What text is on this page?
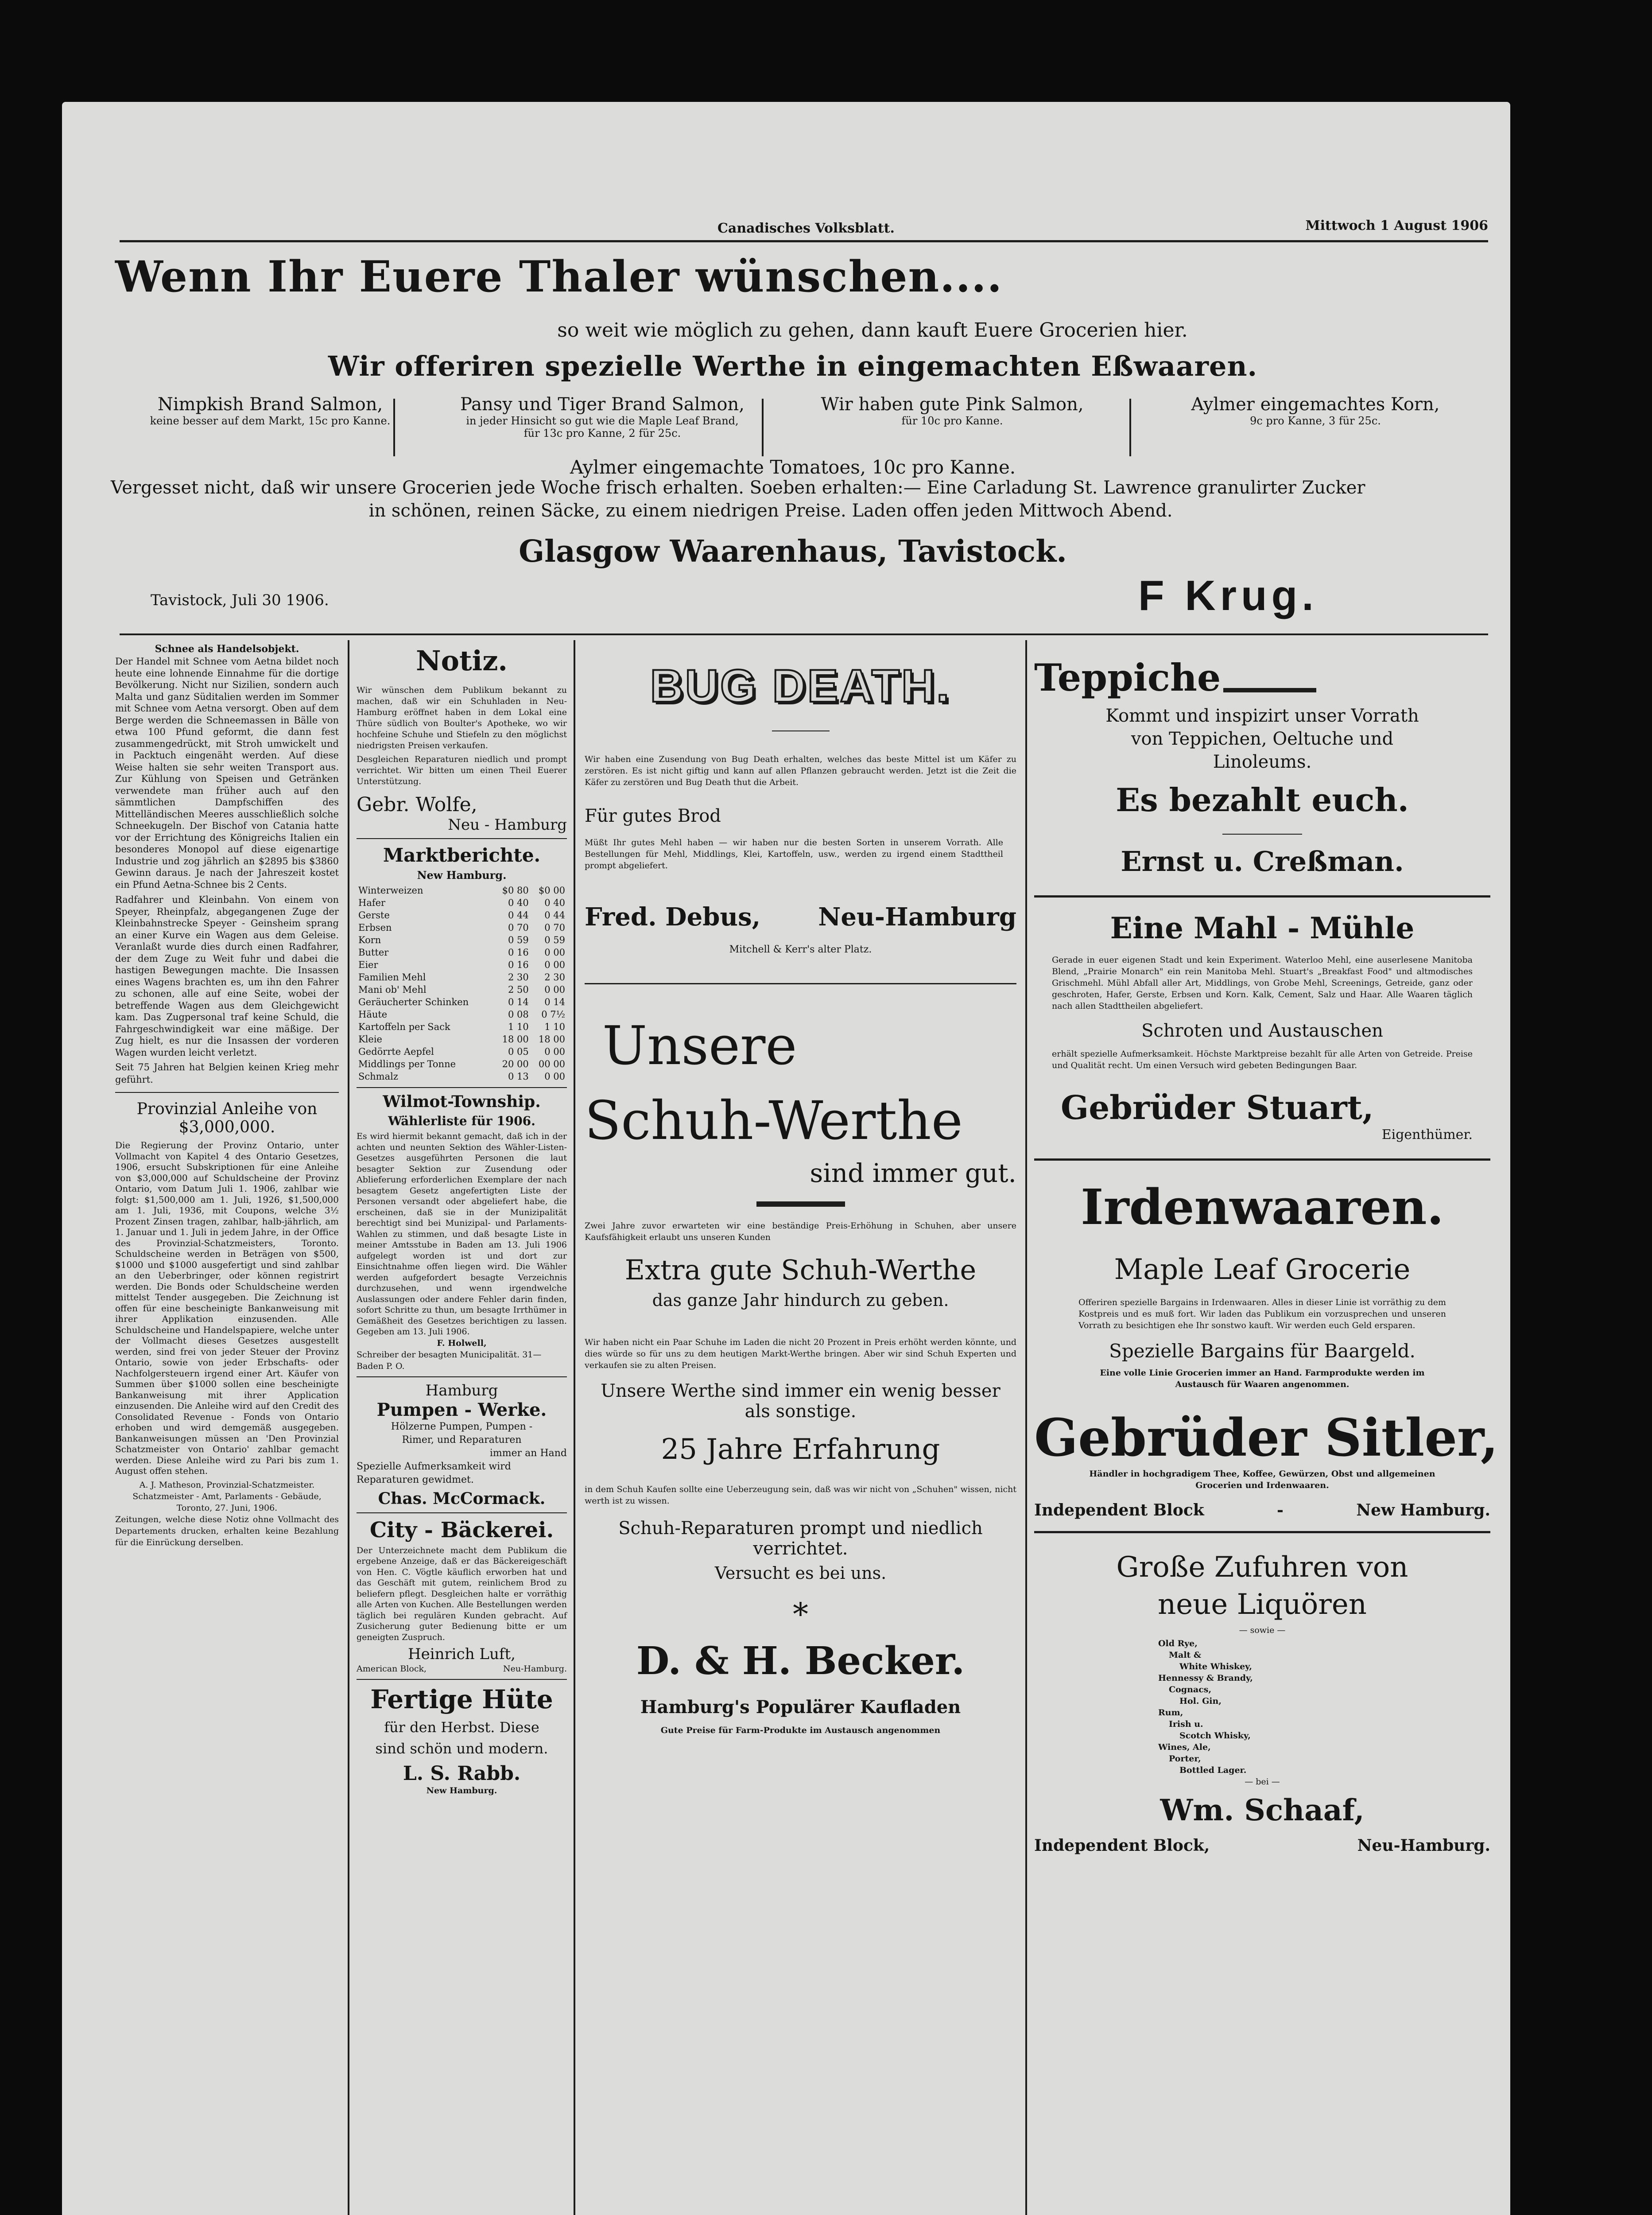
Canadisches Volksblatt.	Mittwoch 1 August 1906
Wenn Ihr Euere Thaler wünschen....
so weit wie möglich zu gehen, dann kauft Euere Grocerien hier.
Wir offeriren spezielle Werthe in eingemachten Eßwaaren.
Nimpkish Brand Salmon,
keine besser auf dem Markt, 15c pro Kanne.
Pansy und Tiger Brand Salmon,
in jeder Hinsicht so gut wie die Maple Leaf Brand, für 13c pro Kanne, 2 für 25c.
Wir haben gute Pink Salmon,
für 10c pro Kanne.
Aylmer eingemachtes Korn,
9c pro Kanne, 3 für 25c.
Aylmer eingemachte Tomatoes, 10c pro Kanne.
Vergesset nicht, daß wir unsere Grocerien jede Woche frisch erhalten. Soeben erhalten:— Eine Carladung St. Lawrence granulirter Zucker
in schönen, reinen Säcke, zu einem niedrigen Preise. Laden offen jeden Mittwoch Abend.
Glasgow Waarenhaus, Tavistock.
Tavistock, Juli 30 1906.	F Krug.
Schnee als Handelsobjekt.
Der Handel mit Schnee vom Aetna bildet noch heute eine lohnende Einnahme für die dortige Bevölkerung. Nicht nur Sizilien, sondern auch Malta und ganz Süditalien werden im Sommer mit Schnee vom Aetna versorgt. Oben auf dem Berge werden die Schneemassen in Bälle von etwa 100 Pfund geformt, die dann fest zusammengedrückt, mit Stroh umwickelt und in Packtuch eingenäht werden. Auf diese Weise halten sie sehr weiten Transport aus. Zur Kühlung von Speisen und Getränken verwendete man früher auch auf den sämmtlichen Dampfschiffen des Mittelländischen Meeres ausschließlich solche Schneekugeln. Der Bischof von Catania hatte vor der Errichtung des Königreichs Italien ein besonderes Monopol auf diese eigenartige Industrie und zog jährlich an $2895 bis $3860 Gewinn daraus. Je nach der Jahreszeit kostet ein Pfund Aetna-Schnee bis 2 Cents.
Radfahrer und Kleinbahn. Von einem von Speyer, Rheinpfalz, abgegangenen Zuge der Kleinbahnstrecke Speyer - Geinsheim sprang an einer Kurve ein Wagen aus dem Geleise. Veranlaßt wurde dies durch einen Radfahrer, der dem Zuge zu Weit fuhr und dabei die hastigen Bewegungen machte. Die Insassen eines Wagens brachten es, um ihn den Fahrer zu schonen, alle auf eine Seite, wobei der betreffende Wagen aus dem Gleichgewicht kam. Das Zugpersonal traf keine Schuld, die Fahrgeschwindigkeit war eine mäßige. Der Zug hielt, es nur die Insassen der vorderen Wagen wurden leicht verletzt.
Seit 75 Jahren hat Belgien keinen Krieg mehr geführt.
Provinzial Anleihe von
$3,000,000.
Die Regierung der Provinz Ontario, unter Vollmacht von Kapitel 4 des Ontario Gesetzes, 1906, ersucht Subskriptionen für eine Anleihe von $3,000,000 auf Schuldscheine der Provinz Ontario, vom Datum Juli 1. 1906, zahlbar wie folgt: $1,500,000 am 1. Juli, 1926, $1,500,000 am 1. Juli, 1936, mit Coupons, welche 3½ Prozent Zinsen tragen, zahlbar, halb-jährlich, am 1. Januar und 1. Juli in jedem Jahre, in der Office des Provinzial-Schatzmeisters, Toronto. Schuldscheine werden in Beträgen von $500, $1000 und $1000 ausgefertigt und sind zahlbar an den Ueberbringer, oder können registrirt werden. Die Bonds oder Schuldscheine werden mittelst Tender ausgegeben. Die Zeichnung ist offen für eine bescheinigte Bankanweisung mit ihrer Applikation einzusenden. Alle Schuldscheine und Handelspapiere, welche unter der Vollmacht dieses Gesetzes ausgestellt werden, sind frei von jeder Steuer der Provinz Ontario, sowie von jeder Erbschafts- oder Nachfolgersteuern irgend einer Art. Käufer von Summen über $1000 sollen eine bescheinigte Bankanweisung mit ihrer Application einzusenden. Die Anleihe wird auf den Credit des Consolidated Revenue - Fonds von Ontario erhoben und wird demgemäß ausgegeben. Bankanweisungen müssen an 'Den Provinzial Schatzmeister von Ontario' zahlbar gemacht werden. Diese Anleihe wird zu Pari bis zum 1. August offen stehen.
A. J. Matheson, Provinzial-Schatzmeister.
Schatzmeister - Amt, Parlaments - Gebäude, Toronto, 27. Juni, 1906.
Zeitungen, welche diese Notiz ohne Vollmacht des Departements drucken, erhalten keine Bezahlung für die Einrückung derselben.
Notiz.
Wir wünschen dem Publikum bekannt zu machen, daß wir ein Schuhladen in Neu-Hamburg eröffnet haben in dem Lokal eine Thüre südlich von Boulter's Apotheke, wo wir hochfeine Schuhe und Stiefeln zu den möglichst niedrigsten Preisen verkaufen.
Desgleichen Reparaturen niedlich und prompt verrichtet. Wir bitten um einen Theil Euerer Unterstützung.
Gebr. Wolfe,
Neu - Hamburg
Marktberichte.
New Hamburg.
Winterweizen	$0 80	$0 00
Hafer	0 40	0 40
Gerste	0 44	0 44
Erbsen	0 70	0 70
Korn	0 59	0 59
Butter	0 16	0 00
Eier	0 16	0 00
Familien Mehl	2 30	2 30
Mani ob' Mehl	2 50	0 00
Geräucherter Schinken	0 14	0 14
Häute	0 08	0 7½
Kartoffeln per Sack	1 10	1 10
Kleie	18 00	18 00
Gedörrte Aepfel	0 05	0 00
Middlings per Tonne	20 00	00 00
Schmalz	0 13	0 00
Wilmot-Township.
Wählerliste für 1906.
Es wird hiermit bekannt gemacht, daß ich in der achten und neunten Sektion des Wähler-Listen-Gesetzes ausgeführten Personen die laut besagter Sektion zur Zusendung oder Ablieferung erforderlichen Exemplare der nach besagtem Gesetz angefertigten Liste der Personen versandt oder abgeliefert habe, die erscheinen, daß sie in der Munizipalität berechtigt sind bei Munizipal- und Parlaments-Wahlen zu stimmen, und daß besagte Liste in meiner Amtsstube in Baden am 13. Juli 1906 aufgelegt worden ist und dort zur Einsichtnahme offen liegen wird. Die Wähler werden aufgefordert besagte Verzeichnis durchzusehen, und wenn irgendwelche Auslassungen oder andere Fehler darin finden, sofort Schritte zu thun, um besagte Irrthümer in Gemäßheit des Gesetzes berichtigen zu lassen. Gegeben am 13. Juli 1906.
F. Holwell,
Schreiber der besagten Municipalität. 31— Baden P. O.
Hamburg
Pumpen - Werke.
Hölzerne Pumpen, Pumpen - Rimer, und Reparaturen
immer an Hand
Spezielle Aufmerksamkeit wird Reparaturen gewidmet.
Chas. McCormack.
City - Bäckerei.
Der Unterzeichnete macht dem Publikum die ergebene Anzeige, daß er das Bäckereigeschäft von Hen. C. Vögtle käuflich erworben hat und das Geschäft mit gutem, reinlichem Brod zu beliefern pflegt. Desgleichen halte er vorräthig alle Arten von Kuchen. Alle Bestellungen werden täglich bei regulären Kunden gebracht. Auf Zusicherung guter Bedienung bitte er um geneigten Zuspruch.
Heinrich Luft,
American Block,	Neu-Hamburg.
Fertige Hüte
für den Herbst. Diese
sind schön und modern.
L. S. Rabb.
New Hamburg.
BUG DEATH.
Wir haben eine Zusendung von Bug Death erhalten, welches das beste Mittel ist um Käfer zu zerstören. Es ist nicht giftig und kann auf allen Pflanzen gebraucht werden. Jetzt ist die Zeit die Käfer zu zerstören und Bug Death thut die Arbeit.
Für gutes Brod
Müßt Ihr gutes Mehl haben — wir haben nur die besten Sorten in unserem Vorrath. Alle Bestellungen für Mehl, Middlings, Klei, Kartoffeln, usw., werden zu irgend einem Stadttheil prompt abgeliefert.
Fred. Debus, Neu-Hamburg
Mitchell & Kerr's alter Platz.
Unsere
Schuh-Werthe
sind immer gut.
Zwei Jahre zuvor erwarteten wir eine beständige Preis-Erhöhung in Schuhen, aber unsere Kaufsfähigkeit erlaubt uns unseren Kunden
Extra gute Schuh-Werthe
das ganze Jahr hindurch zu geben.
Wir haben nicht ein Paar Schuhe im Laden die nicht 20 Prozent in Preis erhöht werden könnte, und dies würde so für uns zu dem heutigen Markt-Werthe bringen. Aber wir sind Schuh Experten und verkaufen sie zu alten Preisen.
Unsere Werthe sind immer ein wenig besser
als sonstige.
25 Jahre Erfahrung
in dem Schuh Kaufen sollte eine Ueberzeugung sein, daß was wir nicht von „Schuhen" wissen, nicht werth ist zu wissen.
Schuh-Reparaturen prompt und niedlich verrichtet.
Versucht es bei uns.
*
D. & H. Becker.
Hamburg's Populärer Kaufladen
Gute Preise für Farm-Produkte im Austausch angenommen
Teppiche
Kommt und inspizirt unser Vorrath
von Teppichen, Oeltuche und
Linoleums.
Es bezahlt euch.
Ernst u. Creßman.
Eine Mahl - Mühle
Gerade in euer eigenen Stadt und kein Experiment. Waterloo Mehl, eine auserlesene Manitoba Blend, „Prairie Monarch" ein rein Manitoba Mehl. Stuart's „Breakfast Food" und altmodisches Grischmehl. Mühl Abfall aller Art, Middlings, von Grobe Mehl, Screenings, Getreide, ganz oder geschroten, Hafer, Gerste, Erbsen und Korn. Kalk, Cement, Salz und Haar. Alle Waaren täglich nach allen Stadttheilen abgeliefert.
Schroten und Austauschen
erhält spezielle Aufmerksamkeit. Höchste Marktpreise bezahlt für alle Arten von Getreide. Preise und Qualität recht. Um einen Versuch wird gebeten Bedingungen Baar.
Gebrüder Stuart,
Eigenthümer.
Irdenwaaren.
Maple Leaf Grocerie
Offeriren spezielle Bargains in Irdenwaaren. Alles in dieser Linie ist vorräthig zu dem Kostpreis und es muß fort. Wir laden das Publikum ein vorzusprechen und unseren Vorrath zu besichtigen ehe Ihr sonstwo kauft. Wir werden euch Geld ersparen.
Spezielle Bargains für Baargeld.
Eine volle Linie Grocerien immer an Hand. Farmprodukte werden im Austausch für Waaren angenommen.
Gebrüder Sitler,
Händler in hochgradigem Thee, Koffee, Gewürzen, Obst und allgemeinen Grocerien und Irdenwaaren.
Independent Block	-	New Hamburg.
Große Zufuhren von
neue Liquören
— sowie —
Old Rye,
Malt &
White Whiskey,
Hennessy & Brandy,
Cognacs,
Hol. Gin,
Rum,
Irish u.
Scotch Whisky,
Wines, Ale,
Porter,
Bottled Lager.
— bei —
Wm. Schaaf,
Independent Block,	Neu-Hamburg.
